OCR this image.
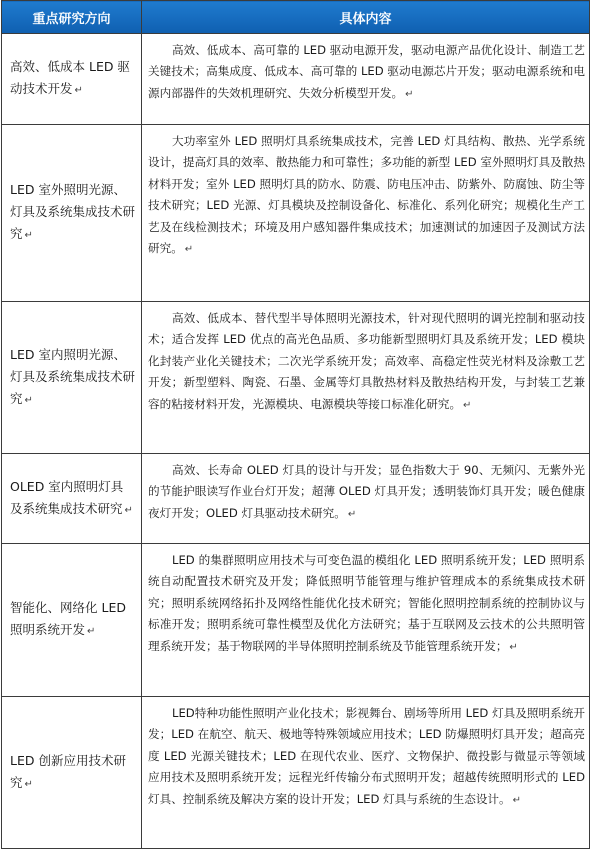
重点研究方向	具体内容
高效、低成本 LED 驱动技术开发 ↵	高效、低成本、高可靠的 LED 驱动电源开发，驱动电源产品优化设计、制造工艺关键技术；高集成度、低成本、高可靠的 LED 驱动电源芯片开发；驱动电源系统和电源内部器件的失效机理研究、失效分析模型开发。 ↵
LED 室外照明光源、灯具及系统集成技术研究 ↵	大功率室外 LED 照明灯具系统集成技术，完善 LED 灯具结构、散热、光学系统设计，提高灯具的效率、散热能力和可靠性；多功能的新型 LED 室外照明灯具及散热材料开发；室外 LED 照明灯具的防水、防震、防电压冲击、防紫外、防腐蚀、防尘等技术研究；LED 光源、灯具模块及控制设备化、标准化、系列化研究；规模化生产工艺及在线检测技术；环境及用户感知器件集成技术；加速测试的加速因子及测试方法研究。 ↵
LED 室内照明光源、灯具及系统集成技术研究 ↵	高效、低成本、替代型半导体照明光源技术，针对现代照明的调光控制和驱动技术；适合发挥 LED 优点的高光色品质、多功能新型照明灯具及系统开发；LED 模块化封装产业化关键技术；二次光学系统开发；高效率、高稳定性荧光材料及涂敷工艺开发；新型塑料、陶瓷、石墨、金属等灯具散热材料及散热结构开发，与封装工艺兼容的粘接材料开发，光源模块、电源模块等接口标准化研究。 ↵
OLED 室内照明灯具及系统集成技术研究 ↵	高效、长寿命 OLED 灯具的设计与开发；显色指数大于 90、无频闪、无紫外光的节能护眼读写作业台灯开发；超薄 OLED 灯具开发；透明装饰灯具开发；暖色健康夜灯开发；OLED 灯具驱动技术研究。 ↵
智能化、网络化 LED 照明系统开发 ↵	LED 的集群照明应用技术与可变色温的模组化 LED 照明系统开发；LED 照明系统自动配置技术研究及开发；降低照明节能管理与维护管理成本的系统集成技术研究；照明系统网络拓扑及网络性能优化技术研究；智能化照明控制系统的控制协议与标准开发；照明系统可靠性模型及优化方法研究；基于互联网及云技术的公共照明管理系统开发；基于物联网的半导体照明控制系统及节能管理系统开发； ↵
LED 创新应用技术研究 ↵	LED特种功能性照明产业化技术；影视舞台、剧场等所用 LED 灯具及照明系统开发；LED 在航空、航天、极地等特殊领域应用技术；LED 防爆照明灯具开发；超高亮度 LED 光源关键技术；LED 在现代农业、医疗、文物保护、微投影与微显示等领域应用技术及照明系统开发；远程光纤传输分布式照明开发；超越传统照明形式的 LED 灯具、控制系统及解决方案的设计开发；LED 灯具与系统的生态设计。 ↵
